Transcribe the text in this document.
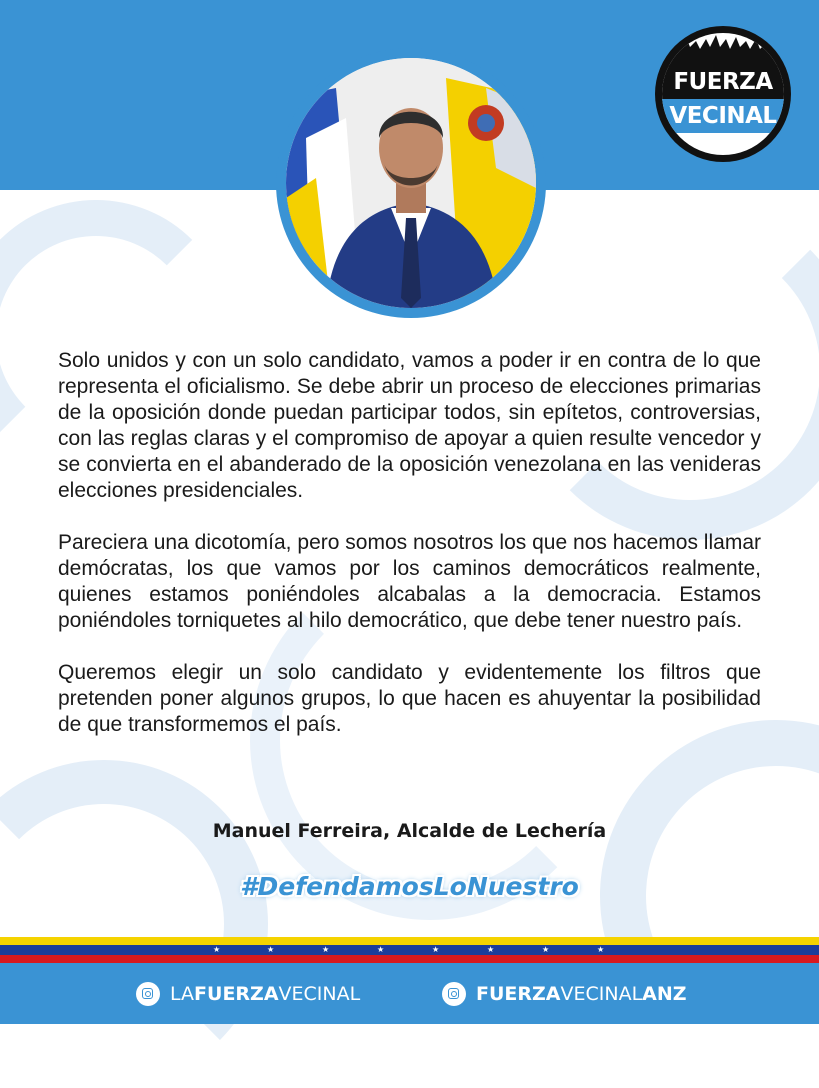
FUERZA
VECINAL

Solo unidos y con un solo candidato, vamos a poder ir en contra de lo que representa el oficialismo. Se debe abrir un proceso de elecciones primarias de la oposición donde puedan participar todos, sin epítetos, controversias, con las reglas claras y el compromiso de apoyar a quien resulte vencedor y se convierta en el abanderado de la oposición venezolana en las venideras elecciones presidenciales.

Pareciera una dicotomía, pero somos nosotros los que nos hacemos llamar demócratas, los que vamos por los caminos democráticos realmente, quienes estamos poniéndoles alcabalas a la democracia. Estamos poniéndoles torniquetes al hilo democrático, que debe tener nuestro país.

Queremos elegir un solo candidato y evidentemente los filtros que pretenden poner algunos grupos, lo que hacen es ahuyentar la posibilidad de que transformemos el país.

Manuel Ferreira, Alcalde de Lechería
#DefendamosLoNuestro
★	★	★	★	★	★	★	★
LA FUERZA VECINAL	FUERZA VECINAL ANZ
